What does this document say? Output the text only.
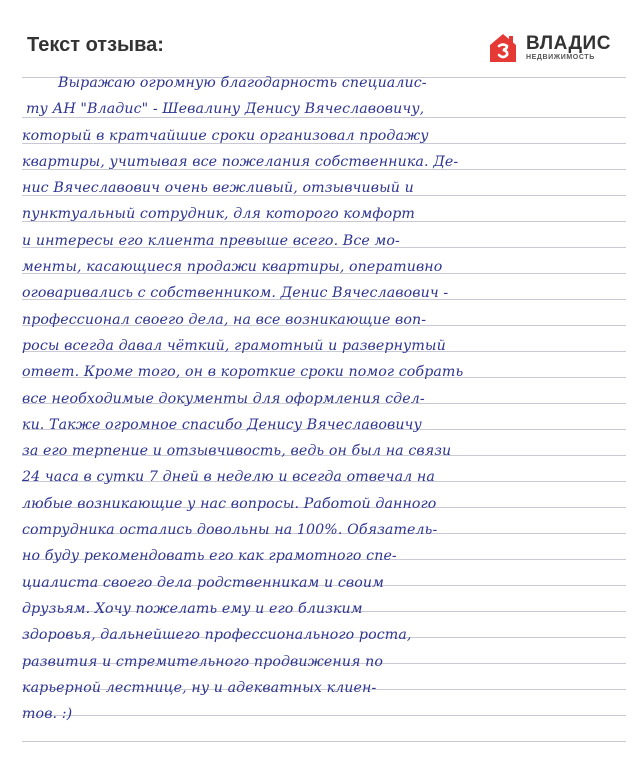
Текст отзыва:	ВЛАДИС
НЕДВИЖИМОСТЬ
Выражаю огромную благодарность специалис-
ту АН "Владис" - Шевалину Денису Вячеславовичу,
который в кратчайшие сроки организовал продажу
квартиры, учитывая все пожелания собственника. Де-
нис Вячеславович очень вежливый, отзывчивый и
пунктуальный сотрудник, для которого комфорт
и интересы его клиента превыше всего. Все мо-
менты, касающиеся продажи квартиры, оперативно
оговаривались с собственником. Денис Вячеславович -
профессионал своего дела, на все возникающие воп-
росы всегда давал чёткий, грамотный и развернутый
ответ. Кроме того, он в короткие сроки помог собрать
все необходимые документы для оформления сдел-
ки. Также огромное спасибо Денису Вячеславовичу
за его терпение и отзывчивость, ведь он был на связи
24 часа в сутки 7 дней в неделю и всегда отвечал на
любые возникающие у нас вопросы. Работой данного
сотрудника остались довольны на 100%. Обязатель-
но буду рекомендовать его как грамотного спе-
циалиста своего дела родственникам и своим
друзьям. Хочу пожелать ему и его близким
здоровья, дальнейшего профессионального роста,
развития и стремительного продвижения по
карьерной лестнице, ну и адекватных клиен-
тов. :)
